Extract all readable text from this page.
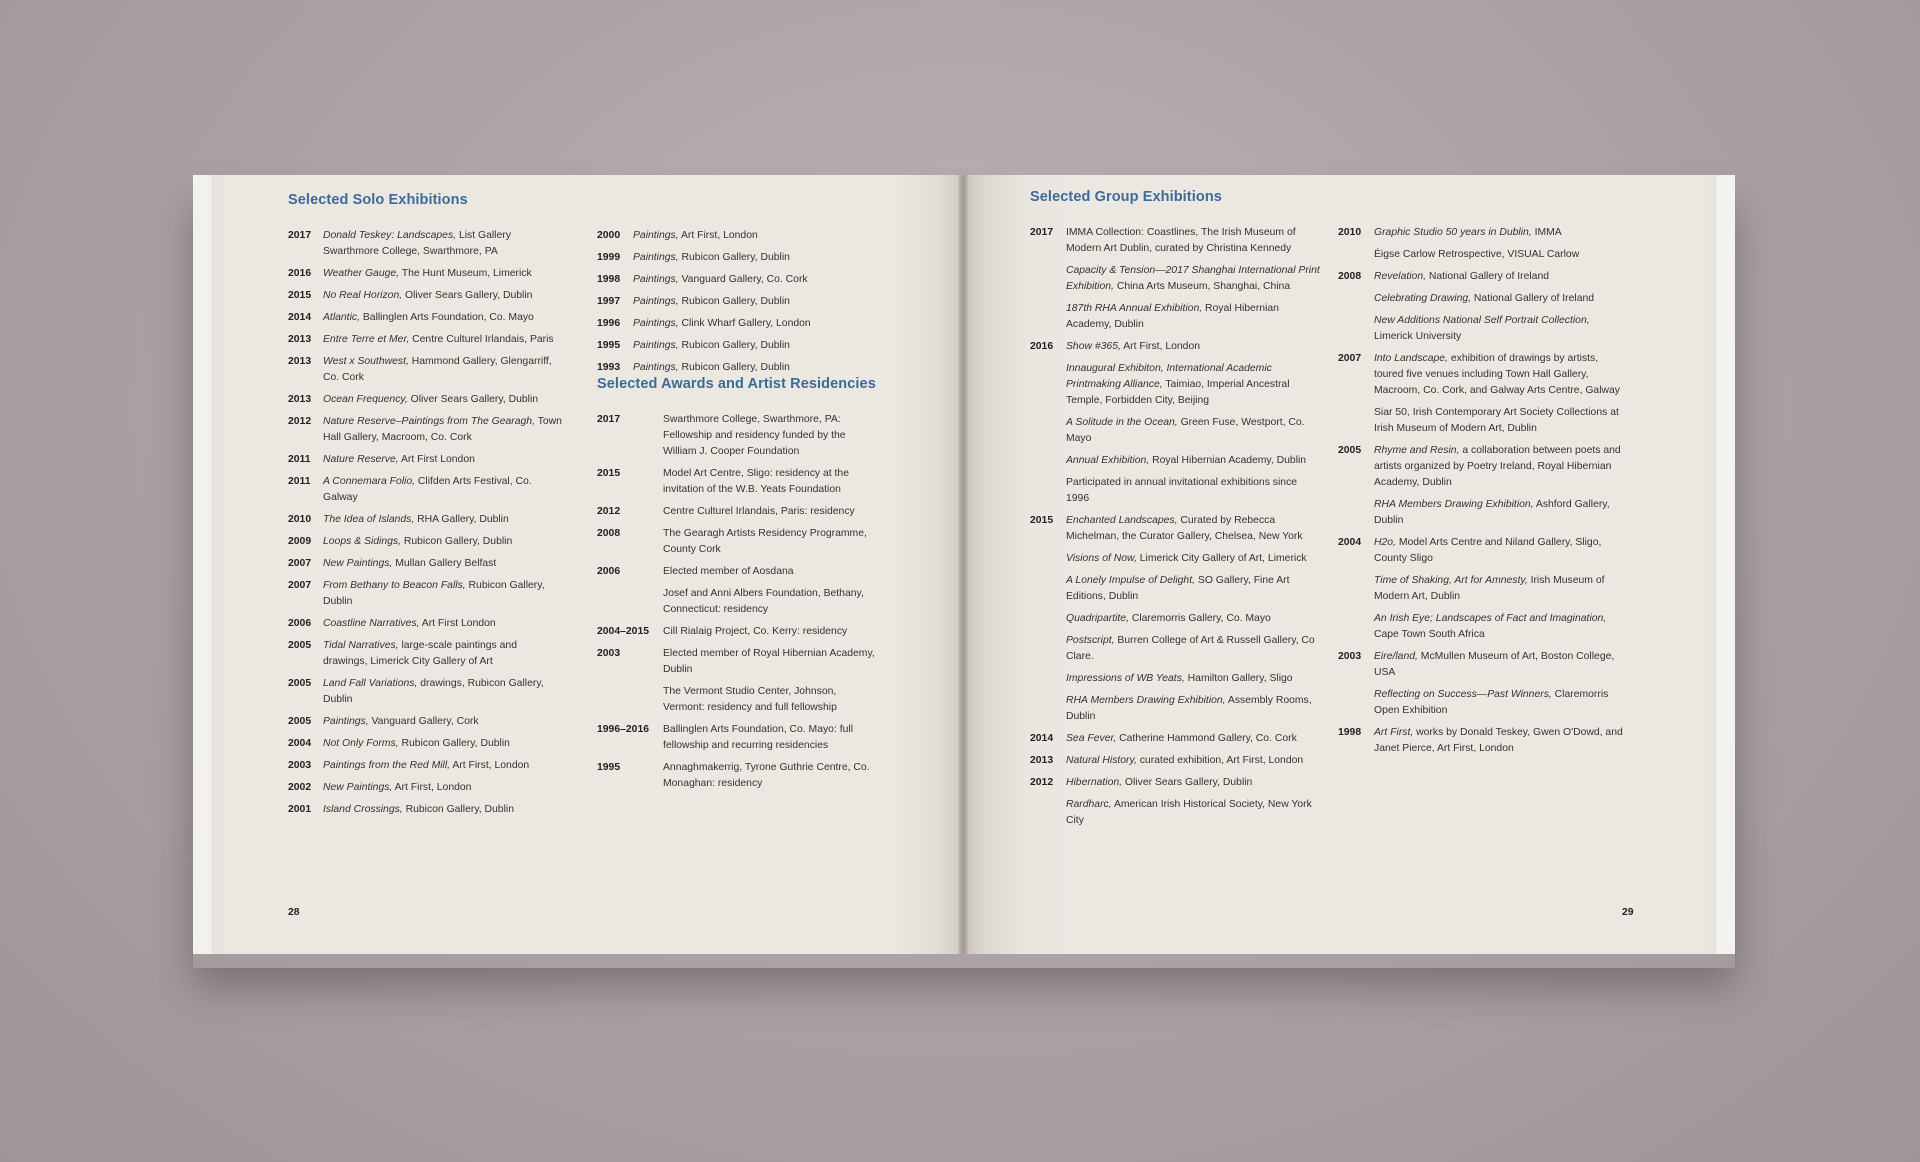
Selected Solo Exhibitions
2017	Donald Teskey: Landscapes, List Gallery Swarthmore College, Swarthmore, PA
2016	Weather Gauge, The Hunt Museum, Limerick
2015	No Real Horizon, Oliver Sears Gallery, Dublin
2014	Atlantic, Ballinglen Arts Foundation, Co. Mayo
2013	Entre Terre et Mer, Centre Culturel Irlandais, Paris
2013	West x Southwest, Hammond Gallery, Glengarriff, Co. Cork
2013	Ocean Frequency, Oliver Sears Gallery, Dublin
2012	Nature Reserve–Paintings from The Gearagh, Town Hall Gallery, Macroom, Co. Cork
2011	Nature Reserve, Art First London
2011	A Connemara Folio, Clifden Arts Festival, Co. Galway
2010	The Idea of Islands, RHA Gallery, Dublin
2009	Loops & Sidings, Rubicon Gallery, Dublin
2007	New Paintings, Mullan Gallery Belfast
2007	From Bethany to Beacon Falls, Rubicon Gallery, Dublin
2006	Coastline Narratives, Art First London
2005	Tidal Narratives, large-scale paintings and drawings, Limerick City Gallery of Art
2005	Land Fall Variations, drawings, Rubicon Gallery, Dublin
2005	Paintings, Vanguard Gallery, Cork
2004	Not Only Forms, Rubicon Gallery, Dublin
2003	Paintings from the Red Mill, Art First, London
2002	New Paintings, Art First, London
2001	Island Crossings, Rubicon Gallery, Dublin
2000	Paintings, Art First, London
1999	Paintings, Rubicon Gallery, Dublin
1998	Paintings, Vanguard Gallery, Co. Cork
1997	Paintings, Rubicon Gallery, Dublin
1996	Paintings, Clink Wharf Gallery, London
1995	Paintings, Rubicon Gallery, Dublin
1993	Paintings, Rubicon Gallery, Dublin
Selected Awards and Artist Residencies
2017	Swarthmore College, Swarthmore, PA: Fellowship and residency funded by the William J. Cooper Foundation
2015	Model Art Centre, Sligo: residency at the invitation of the W.B. Yeats Foundation
2012	Centre Culturel Irlandais, Paris: residency
2008	The Gearagh Artists Residency Programme, County Cork
2006	Elected member of Aosdana
Josef and Anni Albers Foundation, Bethany, Connecticut: residency
2004–2015	Cill Rialaig Project, Co. Kerry: residency
2003	Elected member of Royal Hibernian Academy, Dublin
The Vermont Studio Center, Johnson, Vermont: residency and full fellowship
1996–2016	Ballinglen Arts Foundation, Co. Mayo: full fellowship and recurring residencies
1995	Annaghmakerrig, Tyrone Guthrie Centre, Co. Monaghan: residency
28
Selected Group Exhibitions
2017	IMMA Collection: Coastlines, The Irish Museum of Modern Art Dublin, curated by Christina Kennedy
Capacity & Tension—2017 Shanghai International Print Exhibition, China Arts Museum, Shanghai, China
187th RHA Annual Exhibition, Royal Hibernian Academy, Dublin
2016	Show #365, Art First, London
Innaugural Exhibiton, International Academic Printmaking Alliance, Taimiao, Imperial Ancestral Temple, Forbidden City, Beijing
A Solitude in the Ocean, Green Fuse, Westport, Co. Mayo
Annual Exhibition, Royal Hibernian Academy, Dublin
Participated in annual invitational exhibitions since 1996
2015	Enchanted Landscapes, Curated by Rebecca Michelman, the Curator Gallery, Chelsea, New York
Visions of Now, Limerick City Gallery of Art, Limerick
A Lonely Impulse of Delight, SO Gallery, Fine Art Editions, Dublin
Quadripartite, Claremorris Gallery, Co. Mayo
Postscript, Burren College of Art & Russell Gallery, Co Clare.
Impressions of WB Yeats, Hamilton Gallery, Sligo
RHA Members Drawing Exhibition, Assembly Rooms, Dublin
2014	Sea Fever, Catherine Hammond Gallery, Co. Cork
2013	Natural History, curated exhibition, Art First, London
2012	Hibernation, Oliver Sears Gallery, Dublin
Rardharc, American Irish Historical Society, New York City
2010	Graphic Studio 50 years in Dublin, IMMA
Éigse Carlow Retrospective, VISUAL Carlow
2008	Revelation, National Gallery of Ireland
Celebrating Drawing, National Gallery of Ireland
New Additions National Self Portrait Collection, Limerick University
2007	Into Landscape, exhibition of drawings by artists, toured five venues including Town Hall Gallery, Macroom, Co. Cork, and Galway Arts Centre, Galway
Siar 50, Irish Contemporary Art Society Collections at Irish Museum of Modern Art, Dublin
2005	Rhyme and Resin, a collaboration between poets and artists organized by Poetry Ireland, Royal Hibernian Academy, Dublin
RHA Members Drawing Exhibition, Ashford Gallery, Dublin
2004	H2o, Model Arts Centre and Niland Gallery, Sligo, County Sligo
Time of Shaking, Art for Amnesty, Irish Museum of Modern Art, Dublin
An Irish Eye; Landscapes of Fact and Imagination, Cape Town South Africa
2003	Eire/land, McMullen Museum of Art, Boston College, USA
Reflecting on Success—Past Winners, Claremorris Open Exhibition
1998	Art First, works by Donald Teskey, Gwen O'Dowd, and Janet Pierce, Art First, London
29
